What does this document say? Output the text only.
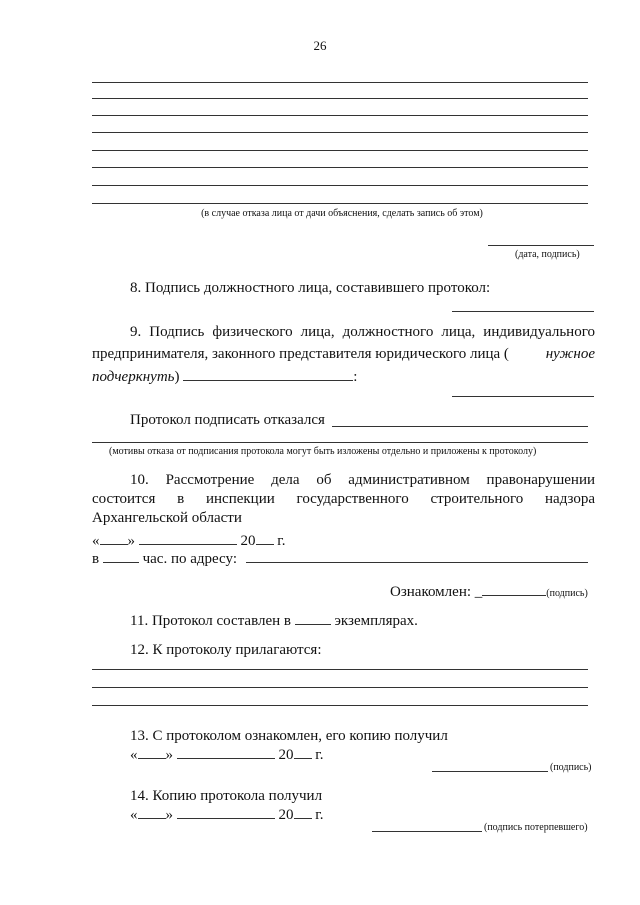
26
(в случае отказа лица от дачи объяснения, сделать запись об этом)
(дата, подпись)
8. Подпись должностного лица, составившего протокол:
9. Подпись физического лица, должностного лица, индивидуального
предпринимателя, законного представителя юридического лица ( нужное
подчеркнуть)	:
Протокол подписать отказался
(мотивы отказа от подписания протокола могут быть изложены отдельно и приложены к протоколу)
10. Рассмотрение дела об административном правонарушении
состоится в инспекции государственного строительного надзора
Архангельской области
« »	20 г.
в	час. по адресу:
Ознакомлен: _	(подпись)
11. Протокол составлен в	экземплярах.
12. К протоколу прилагаются:
13. С протоколом ознакомлен, его копию получил
« »	20 г.
(подпись)
14. Копию протокола получил
« »	20 г.
(подпись потерпевшего)
